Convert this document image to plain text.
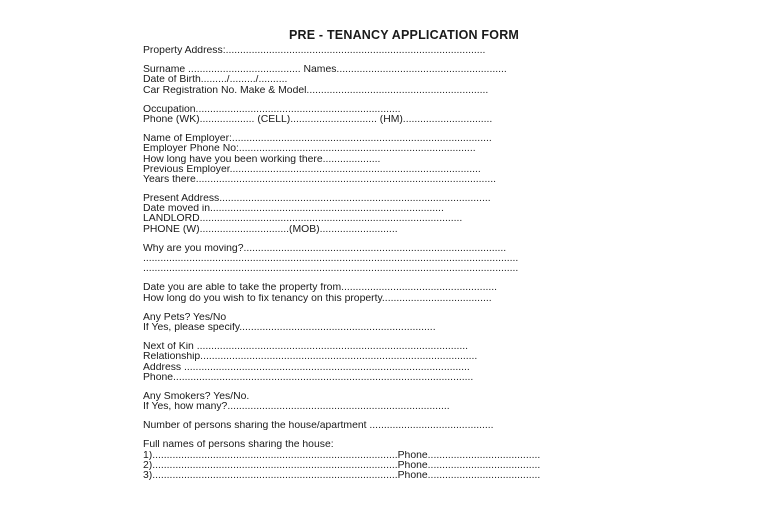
PRE - TENANCY APPLICATION FORM
Property Address:..........................................................................................
Surname ....................................... Names...........................................................
Date of Birth........./........./..........
Car Registration No. Make & Model...............................................................
Occupation.......................................................................
Phone (WK)................... (CELL).............................. (HM)...............................
Name of Employer:..........................................................................................
Employer Phone No:..................................................................................
How long have you been working there....................
Previous Employer.......................................................................................
Years there........................................................................................................
Present Address..............................................................................................
Date moved in.................................................................................
LANDLORD...........................................................................................
PHONE (W)...............................(MOB)...........................
Why are you moving?...........................................................................................
..................................................................................................................................
..................................................................................................................................
Date you are able to take the property from......................................................
How long do you wish to fix tenancy on this property......................................
Any Pets? Yes/No
If Yes, please specify....................................................................
Next of Kin ..............................................................................................
Relationship................................................................................................
Address ...................................................................................................
Phone........................................................................................................
Any Smokers? Yes/No.
If Yes, how many?.............................................................................
Number of persons sharing the house/apartment ...........................................
Full names of persons sharing the house:
1).....................................................................................Phone.......................................
2).....................................................................................Phone.......................................
3).....................................................................................Phone.......................................
